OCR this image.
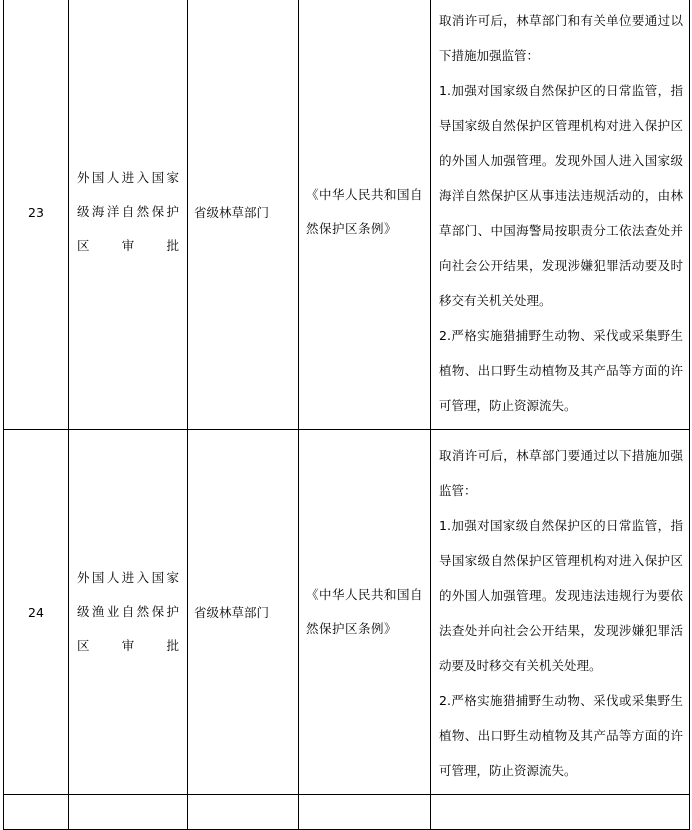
23	外国人进入国家级海洋自然保护区审批	省级林草部门	《中华人民共和国自然保护区条例》	取消许可后，林草部门和有关单位要通过以下措施加强监管：

1.加强对国家级自然保护区的日常监管，指导国家级自然保护区管理机构对进入保护区的外国人加强管理。发现外国人进入国家级海洋自然保护区从事违法违规活动的，由林草部门、中国海警局按职责分工依法查处并向社会公开结果，发现涉嫌犯罪活动要及时移交有关机关处理。

2.严格实施猎捕野生动物、采伐或采集野生植物、出口野生动植物及其产品等方面的许可管理，防止资源流失。

24	外国人进入国家级渔业自然保护区审批	省级林草部门	《中华人民共和国自然保护区条例》	取消许可后，林草部门要通过以下措施加强监管：

1.加强对国家级自然保护区的日常监管，指导国家级自然保护区管理机构对进入保护区的外国人加强管理。发现违法违规行为要依法查处并向社会公开结果，发现涉嫌犯罪活动要及时移交有关机关处理。

2.严格实施猎捕野生动物、采伐或采集野生植物、出口野生动植物及其产品等方面的许可管理，防止资源流失。
